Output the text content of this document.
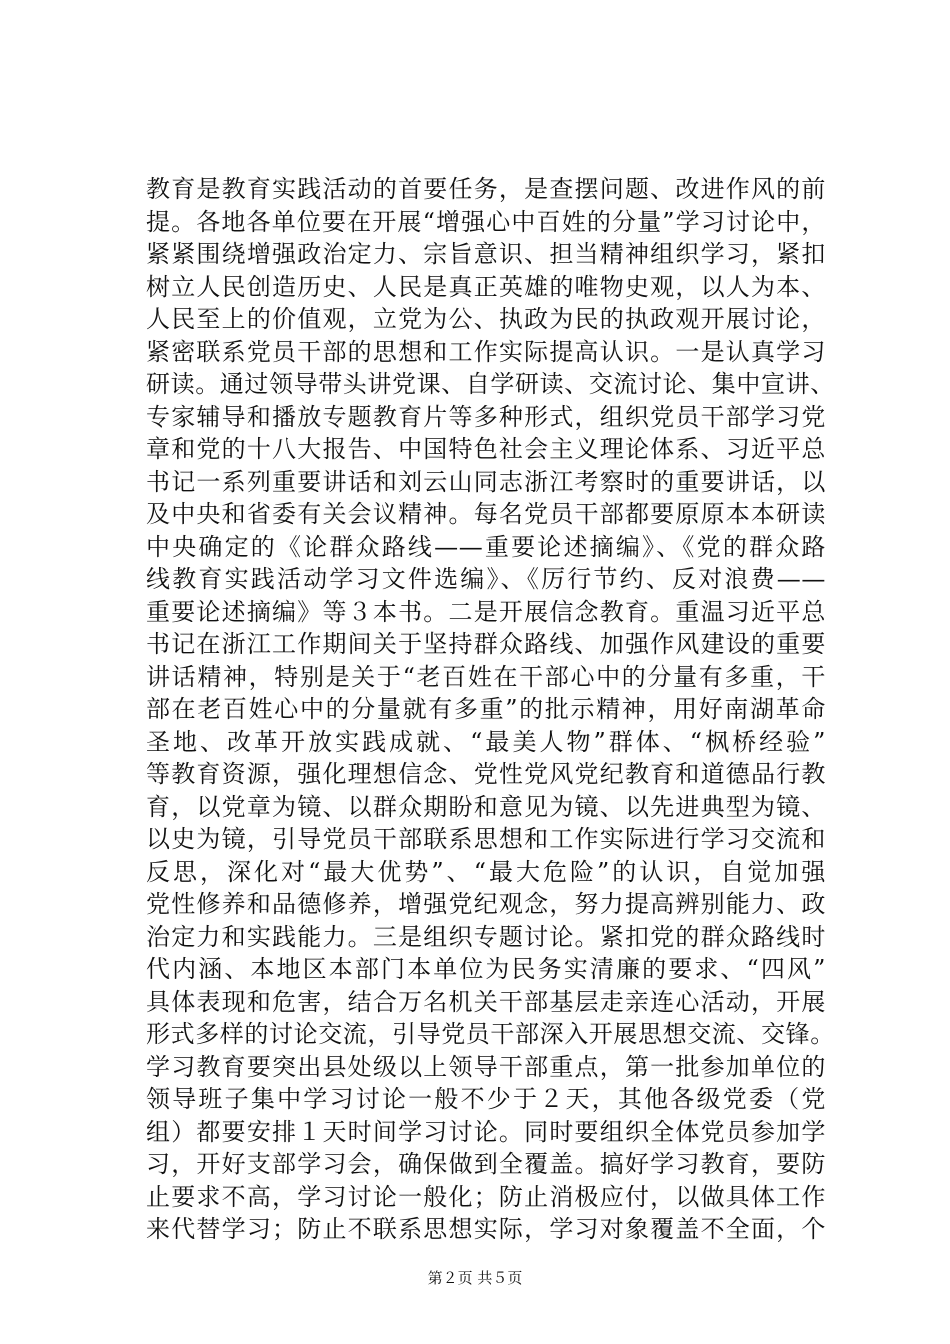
教育是教育实践活动的首要任务，是查摆问题、改进作风的前
提。各地各单位要在开展“增强心中百姓的分量”学习讨论中，
紧紧围绕增强政治定力、宗旨意识、担当精神组织学习，紧扣
树立人民创造历史、人民是真正英雄的唯物史观，以人为本、
人民至上的价值观，立党为公、执政为民的执政观开展讨论，
紧密联系党员干部的思想和工作实际提高认识。一是认真学习
研读。通过领导带头讲党课、自学研读、交流讨论、集中宣讲、
专家辅导和播放专题教育片等多种形式，组织党员干部学习党
章和党的十八大报告、中国特色社会主义理论体系、习近平总
书记一系列重要讲话和刘云山同志浙江考察时的重要讲话，以
及中央和省委有关会议精神。每名党员干部都要原原本本研读
中央确定的《论群众路线——重要论述摘编》、《党的群众路
线教育实践活动学习文件选编》、《厉行节约、反对浪费——
重要论述摘编》等３本书。二是开展信念教育。重温习近平总
书记在浙江工作期间关于坚持群众路线、加强作风建设的重要
讲话精神，特别是关于“老百姓在干部心中的分量有多重，干
部在老百姓心中的分量就有多重”的批示精神，用好南湖革命
圣地、改革开放实践成就、“最美人物”群体、“枫桥经验”
等教育资源，强化理想信念、党性党风党纪教育和道德品行教
育，以党章为镜、以群众期盼和意见为镜、以先进典型为镜、
以史为镜，引导党员干部联系思想和工作实际进行学习交流和
反思，深化对“最大优势”、“最大危险”的认识，自觉加强
党性修养和品德修养，增强党纪观念，努力提高辨别能力、政
治定力和实践能力。三是组织专题讨论。紧扣党的群众路线时
代内涵、本地区本部门本单位为民务实清廉的要求、“四风”
具体表现和危害，结合万名机关干部基层走亲连心活动，开展
形式多样的讨论交流，引导党员干部深入开展思想交流、交锋。
学习教育要突出县处级以上领导干部重点，第一批参加单位的
领导班子集中学习讨论一般不少于２天，其他各级党委（党
组）都要安排１天时间学习讨论。同时要组织全体党员参加学
习，开好支部学习会，确保做到全覆盖。搞好学习教育，要防
止要求不高，学习讨论一般化；防止消极应付，以做具体工作
来代替学习；防止不联系思想实际，学习对象覆盖不全面，个
第２页 共５页
